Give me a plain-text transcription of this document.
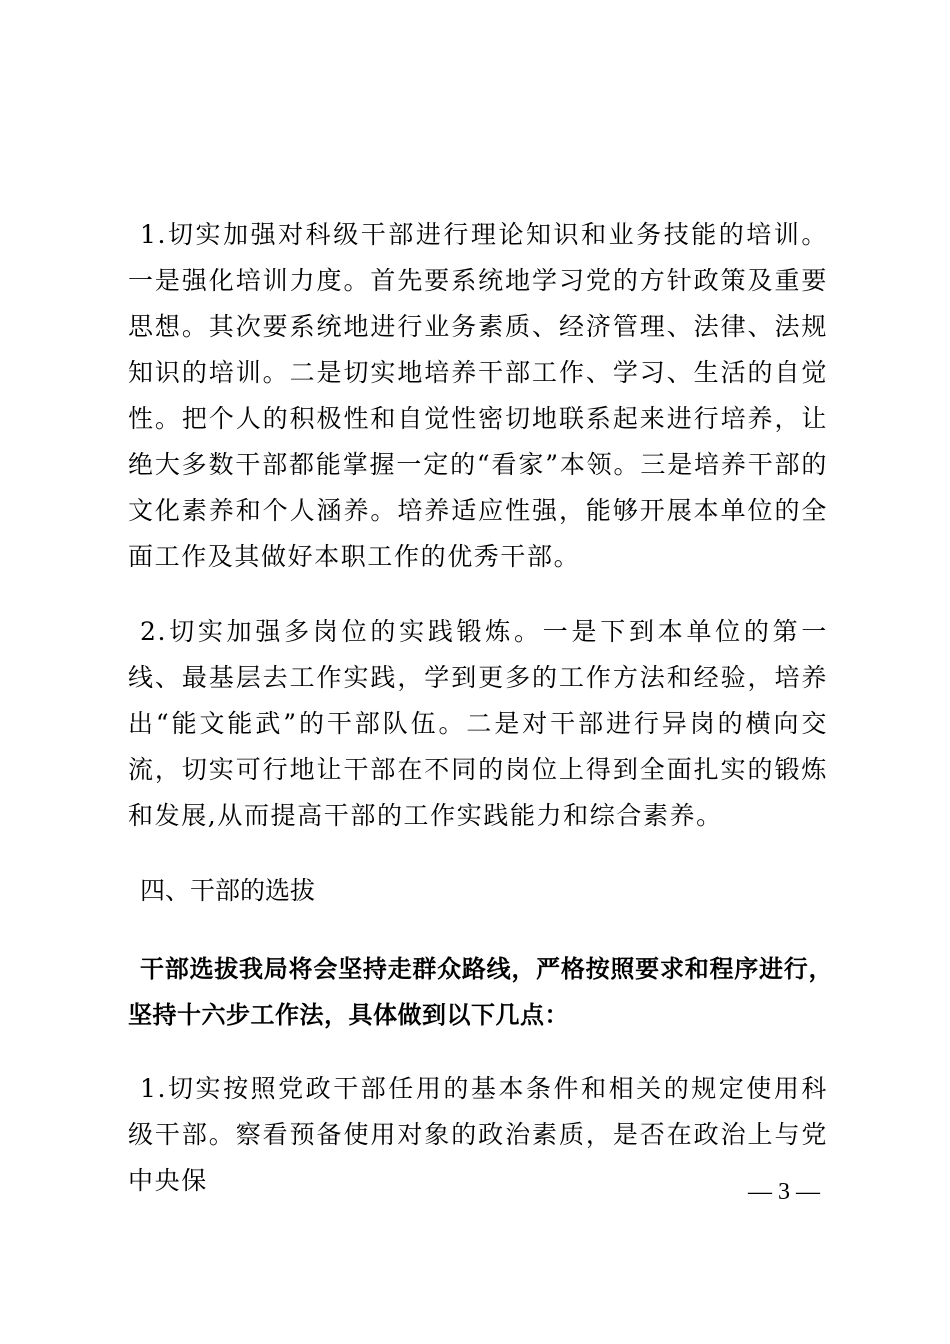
1.切实加强对科级干部进行理论知识和业务技能的培训。一是强化培训力度。首先要系统地学习党的方针政策及重要思想。其次要系统地进行业务素质、经济管理、法律、法规知识的培训。二是切实地培养干部工作、学习、生活的自觉性。把个人的积极性和自觉性密切地联系起来进行培养，让绝大多数干部都能掌握一定的“看家”本领。三是培养干部的文化素养和个人涵养。培养适应性强，能够开展本单位的全面工作及其做好本职工作的优秀干部。

2.切实加强多岗位的实践锻炼。一是下到本单位的第一线、最基层去工作实践，学到更多的工作方法和经验，培养出“能文能武”的干部队伍。二是对干部进行异岗的横向交流，切实可行地让干部在不同的岗位上得到全面扎实的锻炼和发展,从而提高干部的工作实践能力和综合素养。

四、干部的选拔

干部选拔我局将会坚持走群众路线，严格按照要求和程序进行，坚持十六步工作法，具体做到以下几点：

1.切实按照党政干部任用的基本条件和相关的规定使用科级干部。察看预备使用对象的政治素质，是否在政治上与党中央保	— 3 —
